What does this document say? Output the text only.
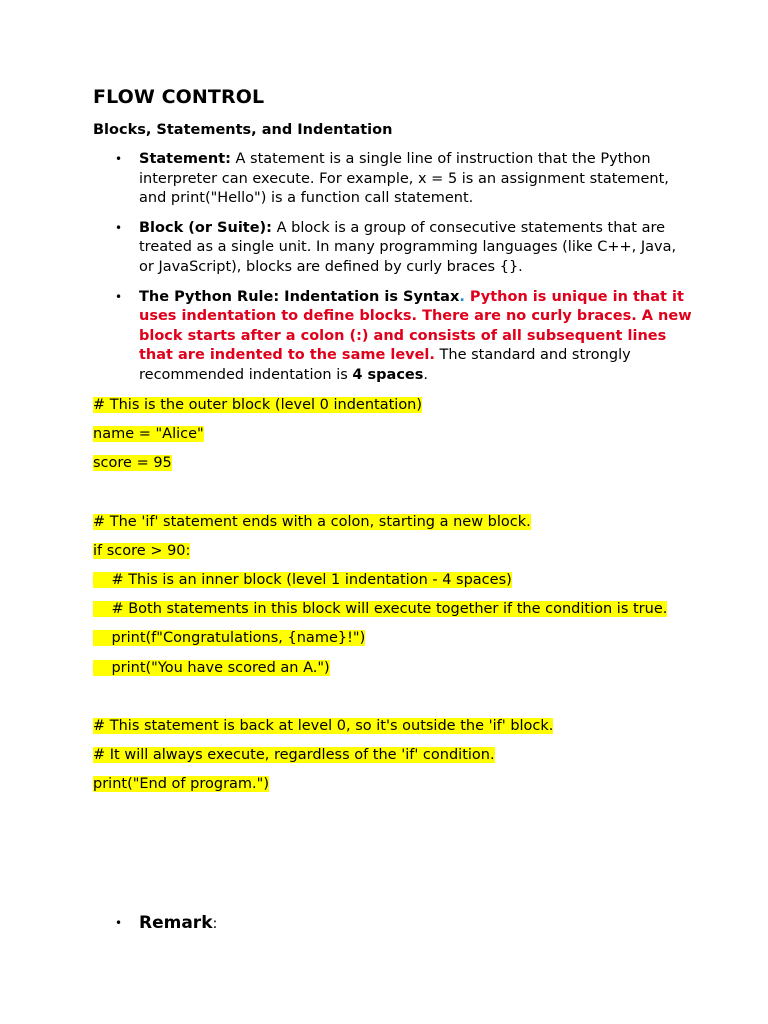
FLOW CONTROL
Blocks, Statements, and Indentation
• Statement: A statement is a single line of instruction that the Python interpreter can execute. For example, x = 5 is an assignment statement, and print("Hello") is a function call statement.
• Block (or Suite): A block is a group of consecutive statements that are treated as a single unit. In many programming languages (like C++, Java, or JavaScript), blocks are defined by curly braces {}.
• The Python Rule: Indentation is Syntax. Python is unique in that it uses indentation to define blocks. There are no curly braces. A new block starts after a colon (:) and consists of all subsequent lines that are indented to the same level. The standard and strongly recommended indentation is 4 spaces.
# This is the outer block (level 0 indentation)
name = "Alice"
score = 95
# The 'if' statement ends with a colon, starting a new block.
if score > 90:
# This is an inner block (level 1 indentation - 4 spaces)
# Both statements in this block will execute together if the condition is true.
print(f"Congratulations, {name}!")
print("You have scored an A.")
# This statement is back at level 0, so it's outside the 'if' block.
# It will always execute, regardless of the 'if' condition.
print("End of program.")
• Remark:
